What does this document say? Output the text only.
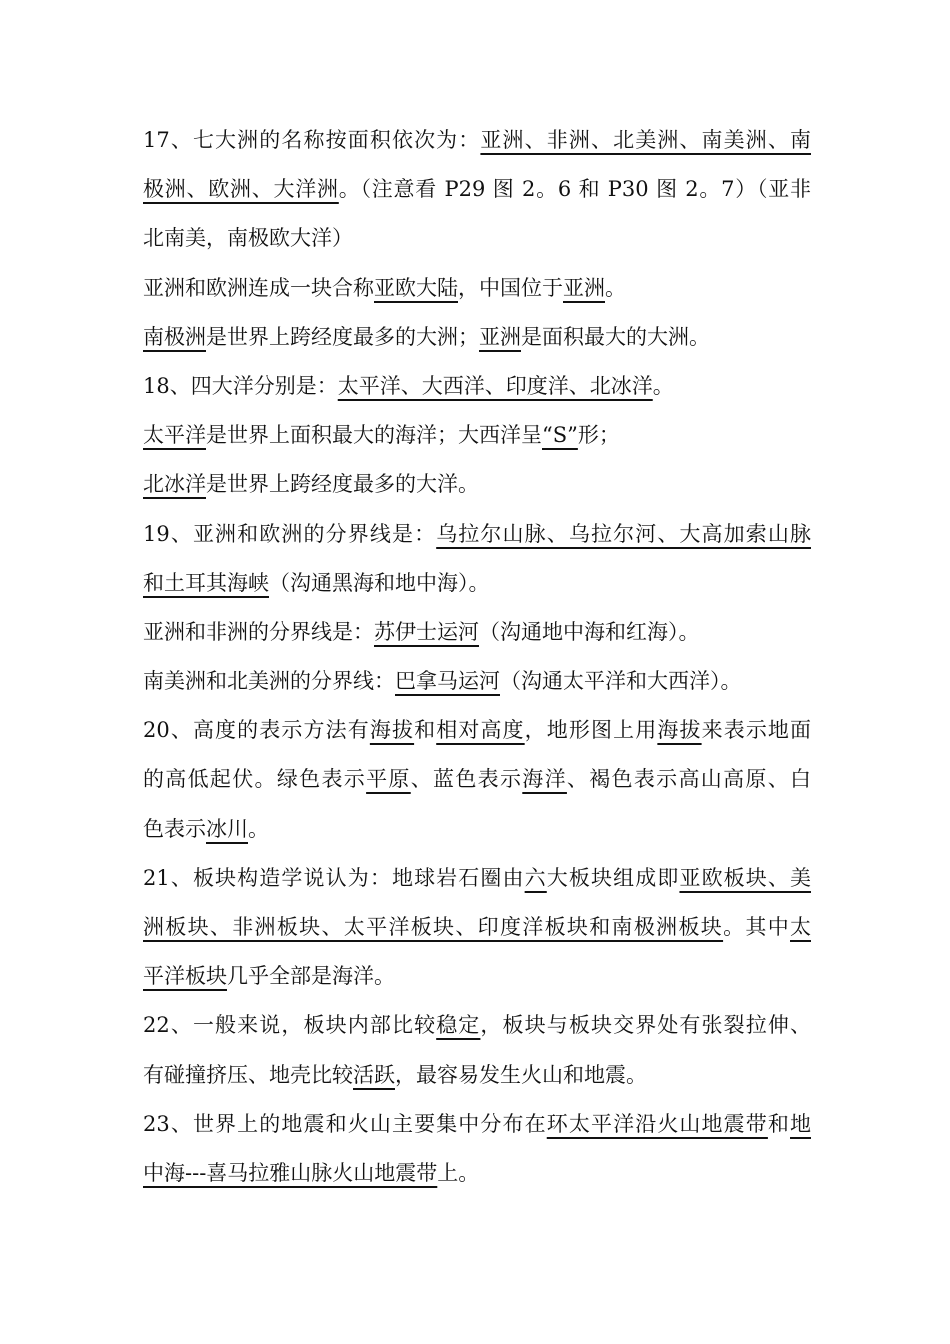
17、七大洲的名称按面积依次为：亚洲、非洲、北美洲、南美洲、南
极洲、欧洲、大洋洲。（注意看 P29 图 2。6 和 P30 图 2。7）（亚非
北南美，南极欧大洋）
亚洲和欧洲连成一块合称亚欧大陆，中国位于亚洲。
南极洲是世界上跨经度最多的大洲；亚洲是面积最大的大洲。
18、四大洋分别是：太平洋、大西洋、印度洋、北冰洋。
太平洋是世界上面积最大的海洋；大西洋呈“S”形；
北冰洋是世界上跨经度最多的大洋。
19、亚洲和欧洲的分界线是：乌拉尔山脉、乌拉尔河、大高加索山脉
和土耳其海峡（沟通黑海和地中海）。
亚洲和非洲的分界线是：苏伊士运河（沟通地中海和红海）。
南美洲和北美洲的分界线：巴拿马运河（沟通太平洋和大西洋）。
20、高度的表示方法有海拔和相对高度，地形图上用海拔来表示地面
的高低起伏。绿色表示平原、蓝色表示海洋、褐色表示高山高原、白
色表示冰川。
21、板块构造学说认为：地球岩石圈由六大板块组成即亚欧板块、美
洲板块、非洲板块、太平洋板块、印度洋板块和南极洲板块。其中太
平洋板块几乎全部是海洋。
22、一般来说，板块内部比较稳定，板块与板块交界处有张裂拉伸、
有碰撞挤压、地壳比较活跃，最容易发生火山和地震。
23、世界上的地震和火山主要集中分布在环太平洋沿火山地震带和地
中海---喜马拉雅山脉火山地震带上。
